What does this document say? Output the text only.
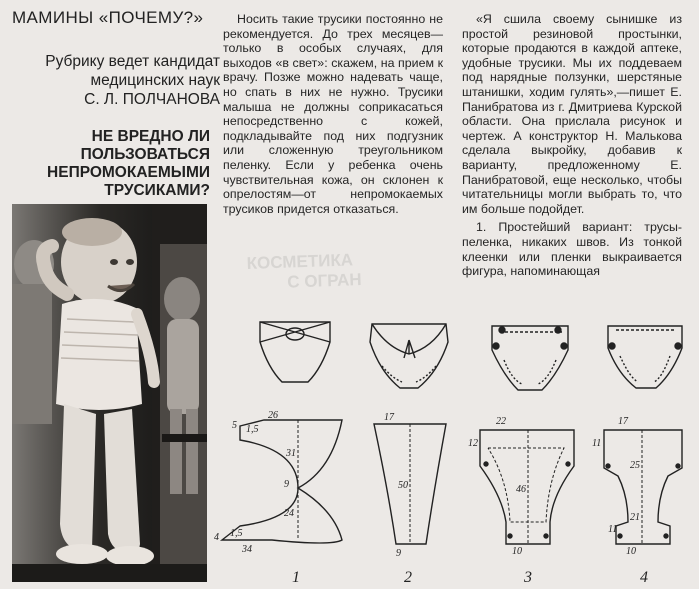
МАМИНЫ «ПОЧЕМУ?»
Рубрику ведет кандидат
медицинских наук
С. Л. ПОЛЧАНОВА
НЕ ВРЕДНО ЛИ
ПОЛЬЗОВАТЬСЯ
НЕПРОМОКАЕМЫМИ
ТРУСИКАМИ?

Носить такие трусики постоянно не рекомендуется. До трех месяцев—только в особых случаях, для выходов «в свет»: скажем, на прием к врачу. Позже можно надевать чаще, но спать в них не нужно. Трусики малыша не должны соприкасаться непосредственно с кожей, подкладывайте под них подгузник или сложенную треугольником пеленку. Если у ребенка очень чувствительная кожа, он склонен к опрелостям—от непромокаемых трусиков придется отказаться.

«Я сшила своему сынишке из простой резиновой простынки, которые продаются в каждой аптеке, удобные трусики. Мы их поддеваем под нарядные ползунки, шерстяные штанишки, ходим гулять»,—пишет Е. Панибратова из г. Дмитриева Курской области. Она прислала рисунок и чертеж. А конструктор Н. Малькова сделала выкройку, добавив к варианту, предложенному Е. Панибратовой, еще несколько, чтобы читательницы могли выбрать то, что им больше подойдет.

1. Простейший вариант: трусы-пеленка, никаких швов. Из тонкой клеенки или пленки выкраивается фигура, напоминающая

КОСМЕТИКА
С ОГРАН
26
5 1,5
31
9
24
4 1,5
34
17
50
9
22
12
46
10
17
11
25
11
21
10
1	2	3	4
